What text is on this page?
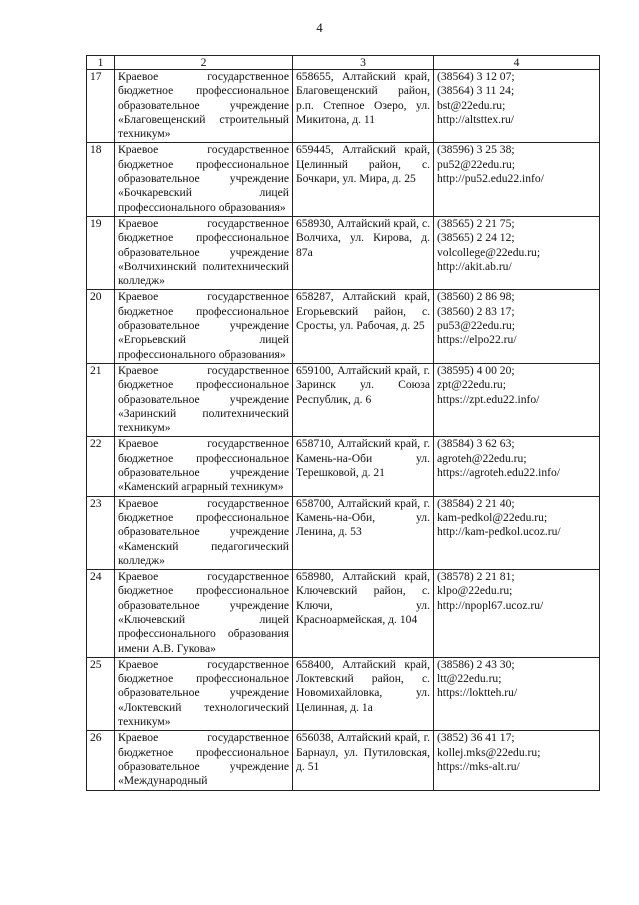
4
1	2	3	4
17	Краевое государственное бюджетное профессиональное образовательное учреждение «Благовещенский строительный техникум»	658655, Алтайский край, Благовещенский район, р.п. Степное Озеро, ул. Микитона, д. 11	(38564) 3 12 07;
(38564) 3 11 24;
bst@22edu.ru;
http://altsttex.ru/

18	Краевое государственное бюджетное профессиональное образовательное учреждение «Бочкаревский лицей профессионального образования»	659445, Алтайский край, Целинный район, с. Бочкари, ул. Мира, д. 25	(38596) 3 25 38;
pu52@22edu.ru;
http://pu52.edu22.info/

19	Краевое государственное бюджетное профессиональное образовательное учреждение «Волчихинский политехнический колледж»	658930, Алтайский край, с. Волчиха, ул. Кирова, д. 87а	(38565) 2 21 75;
(38565) 2 24 12;
volcollege@22edu.ru;
http://akit.ab.ru/

20	Краевое государственное бюджетное профессиональное образовательное учреждение «Егорьевский лицей профессионального образования»	658287, Алтайский край, Егорьевский район, с. Сросты, ул. Рабочая, д. 25	(38560) 2 86 98;
(38560) 2 83 17;
pu53@22edu.ru;
https://elpo22.ru/

21	Краевое государственное бюджетное профессиональное образовательное учреждение «Заринский политехнический техникум»	659100, Алтайский край, г. Заринск ул. Союза Республик, д. 6	(38595) 4 00 20;
zpt@22edu.ru;
https://zpt.edu22.info/

22	Краевое государственное бюджетное профессиональное образовательное учреждение «Каменский аграрный техникум»	658710, Алтайский край, г. Камень-на-Оби ул. Терешковой, д. 21	(38584) 3 62 63;
agroteh@22edu.ru;
https://agroteh.edu22.info/

23	Краевое государственное бюджетное профессиональное образовательное учреждение «Каменский педагогический колледж»	658700, Алтайский край, г. Камень-на-Оби, ул. Ленина, д. 53	(38584) 2 21 40;
kam-pedkol@22edu.ru;
http://kam-pedkol.ucoz.ru/

24	Краевое государственное бюджетное профессиональное образовательное учреждение «Ключевский лицей профессионального образования имени А.В. Гукова»	658980, Алтайский край, Ключевский район, с. Ключи, ул. Красноармейская, д. 104	(38578) 2 21 81;
klpo@22edu.ru;
http://npopl67.ucoz.ru/

25	Краевое государственное бюджетное профессиональное образовательное учреждение «Локтевский технологический техникум»	658400, Алтайский край, Локтевский район, с. Новомихайловка, ул. Целинная, д. 1а	(38586) 2 43 30;
ltt@22edu.ru;
https://loktteh.ru/

26	Краевое государственное бюджетное профессиональное образовательное учреждение «Международный	656038, Алтайский край, г. Барнаул, ул. Путиловская, д. 51	(3852) 36 41 17;
kollej.mks@22edu.ru;
https://mks-alt.ru/
